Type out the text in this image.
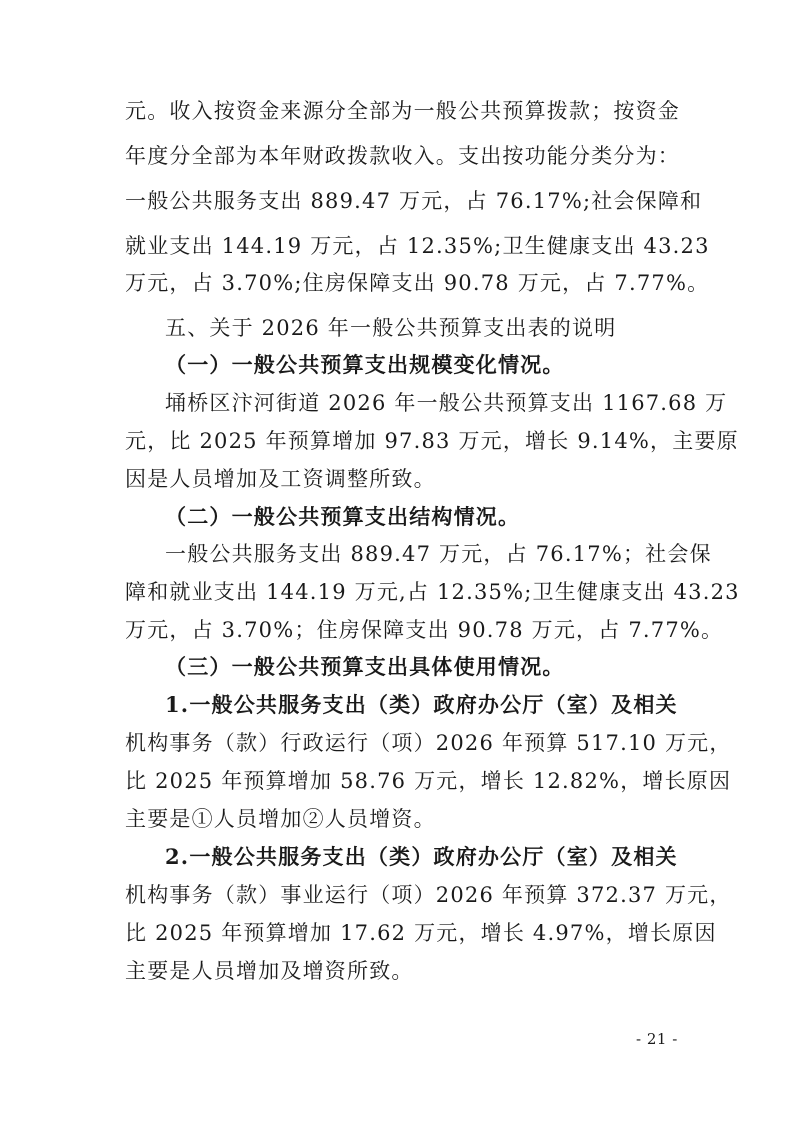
元。收入按资金来源分全部为一般公共预算拨款；按资金
年度分全部为本年财政拨款收入。支出按功能分类分为：
一般公共服务支出 889.47 万元，占 76.17%;社会保障和
就业支出 144.19 万元，占 12.35%;卫生健康支出 43.23
万元，占 3.70%;住房保障支出 90.78 万元，占 7.77%。
五、关于 2026 年一般公共预算支出表的说明
（一）一般公共预算支出规模变化情况。
埇桥区汴河街道 2026 年一般公共预算支出 1167.68 万
元，比 2025 年预算增加 97.83 万元，增长 9.14%，主要原
因是人员增加及工资调整所致。
（二）一般公共预算支出结构情况。
一般公共服务支出 889.47 万元，占 76.17%；社会保
障和就业支出 144.19 万元,占 12.35%;卫生健康支出 43.23
万元，占 3.70%；住房保障支出 90.78 万元，占 7.77%。
（三）一般公共预算支出具体使用情况。
1.一般公共服务支出（类）政府办公厅（室）及相关
机构事务（款）行政运行（项）2026 年预算 517.10 万元，
比 2025 年预算增加 58.76 万元，增长 12.82%，增长原因
主要是①人员增加②人员增资。
2.一般公共服务支出（类）政府办公厅（室）及相关
机构事务（款）事业运行（项）2026 年预算 372.37 万元，
比 2025 年预算增加 17.62 万元，增长 4.97%，增长原因
主要是人员增加及增资所致。
- 21 -
